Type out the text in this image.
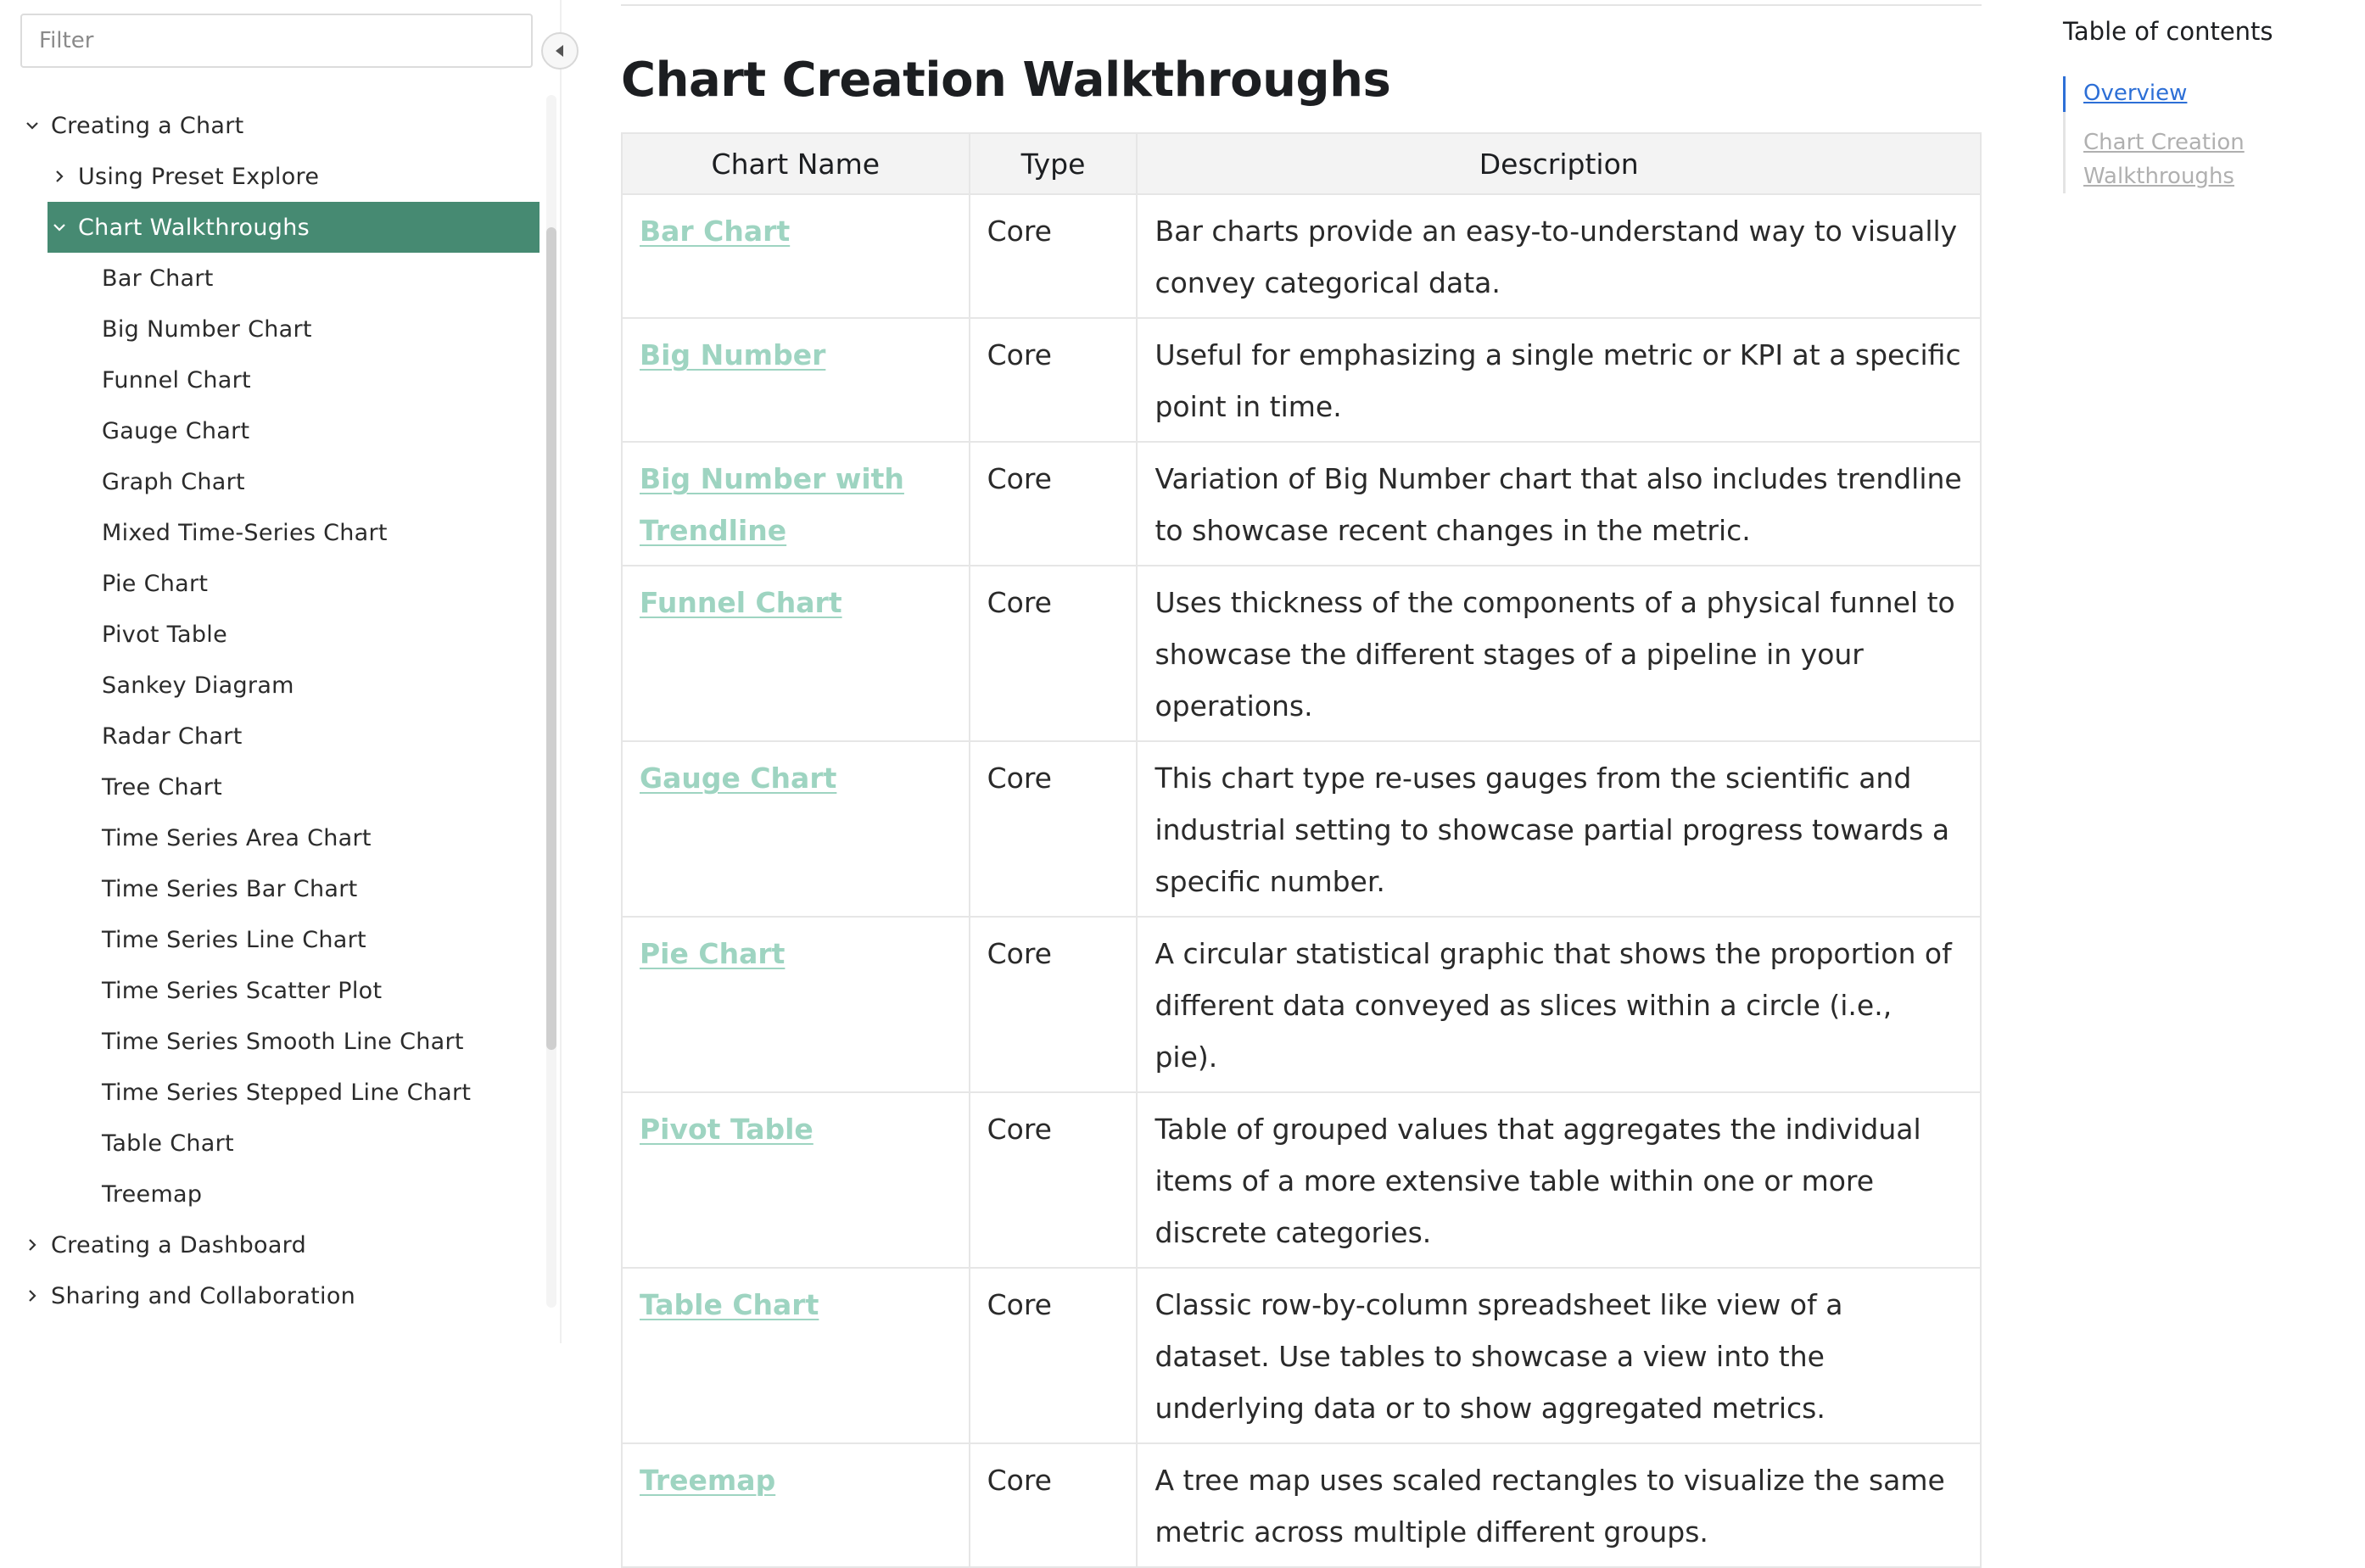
Filter
Creating a Chart
Using Preset Explore
Chart Walkthroughs
Bar Chart
Big Number Chart
Funnel Chart
Gauge Chart
Graph Chart
Mixed Time-Series Chart
Pie Chart
Pivot Table
Sankey Diagram
Radar Chart
Tree Chart
Time Series Area Chart
Time Series Bar Chart
Time Series Line Chart
Time Series Scatter Plot
Time Series Smooth Line Chart
Time Series Stepped Line Chart
Table Chart
Treemap
Creating a Dashboard
Sharing and Collaboration
Chart Creation Walkthroughs
Chart Name	Type	Description
Bar Chart	Core	Bar charts provide an easy-to-understand way to visually convey categorical data.
Big Number	Core	Useful for emphasizing a single metric or KPI at a specific point in time.
Big Number with Trendline	Core	Variation of Big Number chart that also includes trendline to showcase recent changes in the metric.
Funnel Chart	Core	Uses thickness of the components of a physical funnel to showcase the different stages of a pipeline in your operations.
Gauge Chart	Core	This chart type re-uses gauges from the scientific and industrial setting to showcase partial progress towards a specific number.
Pie Chart	Core	A circular statistical graphic that shows the proportion of different data conveyed as slices within a circle (i.e., pie).
Pivot Table	Core	Table of grouped values that aggregates the individual items of a more extensive table within one or more discrete categories.
Table Chart	Core	Classic row-by-column spreadsheet like view of a dataset. Use tables to showcase a view into the underlying data or to show aggregated metrics.
Treemap	Core	A tree map uses scaled rectangles to visualize the same metric across multiple different groups.
Table of contents
Overview
Chart Creation Walkthroughs
